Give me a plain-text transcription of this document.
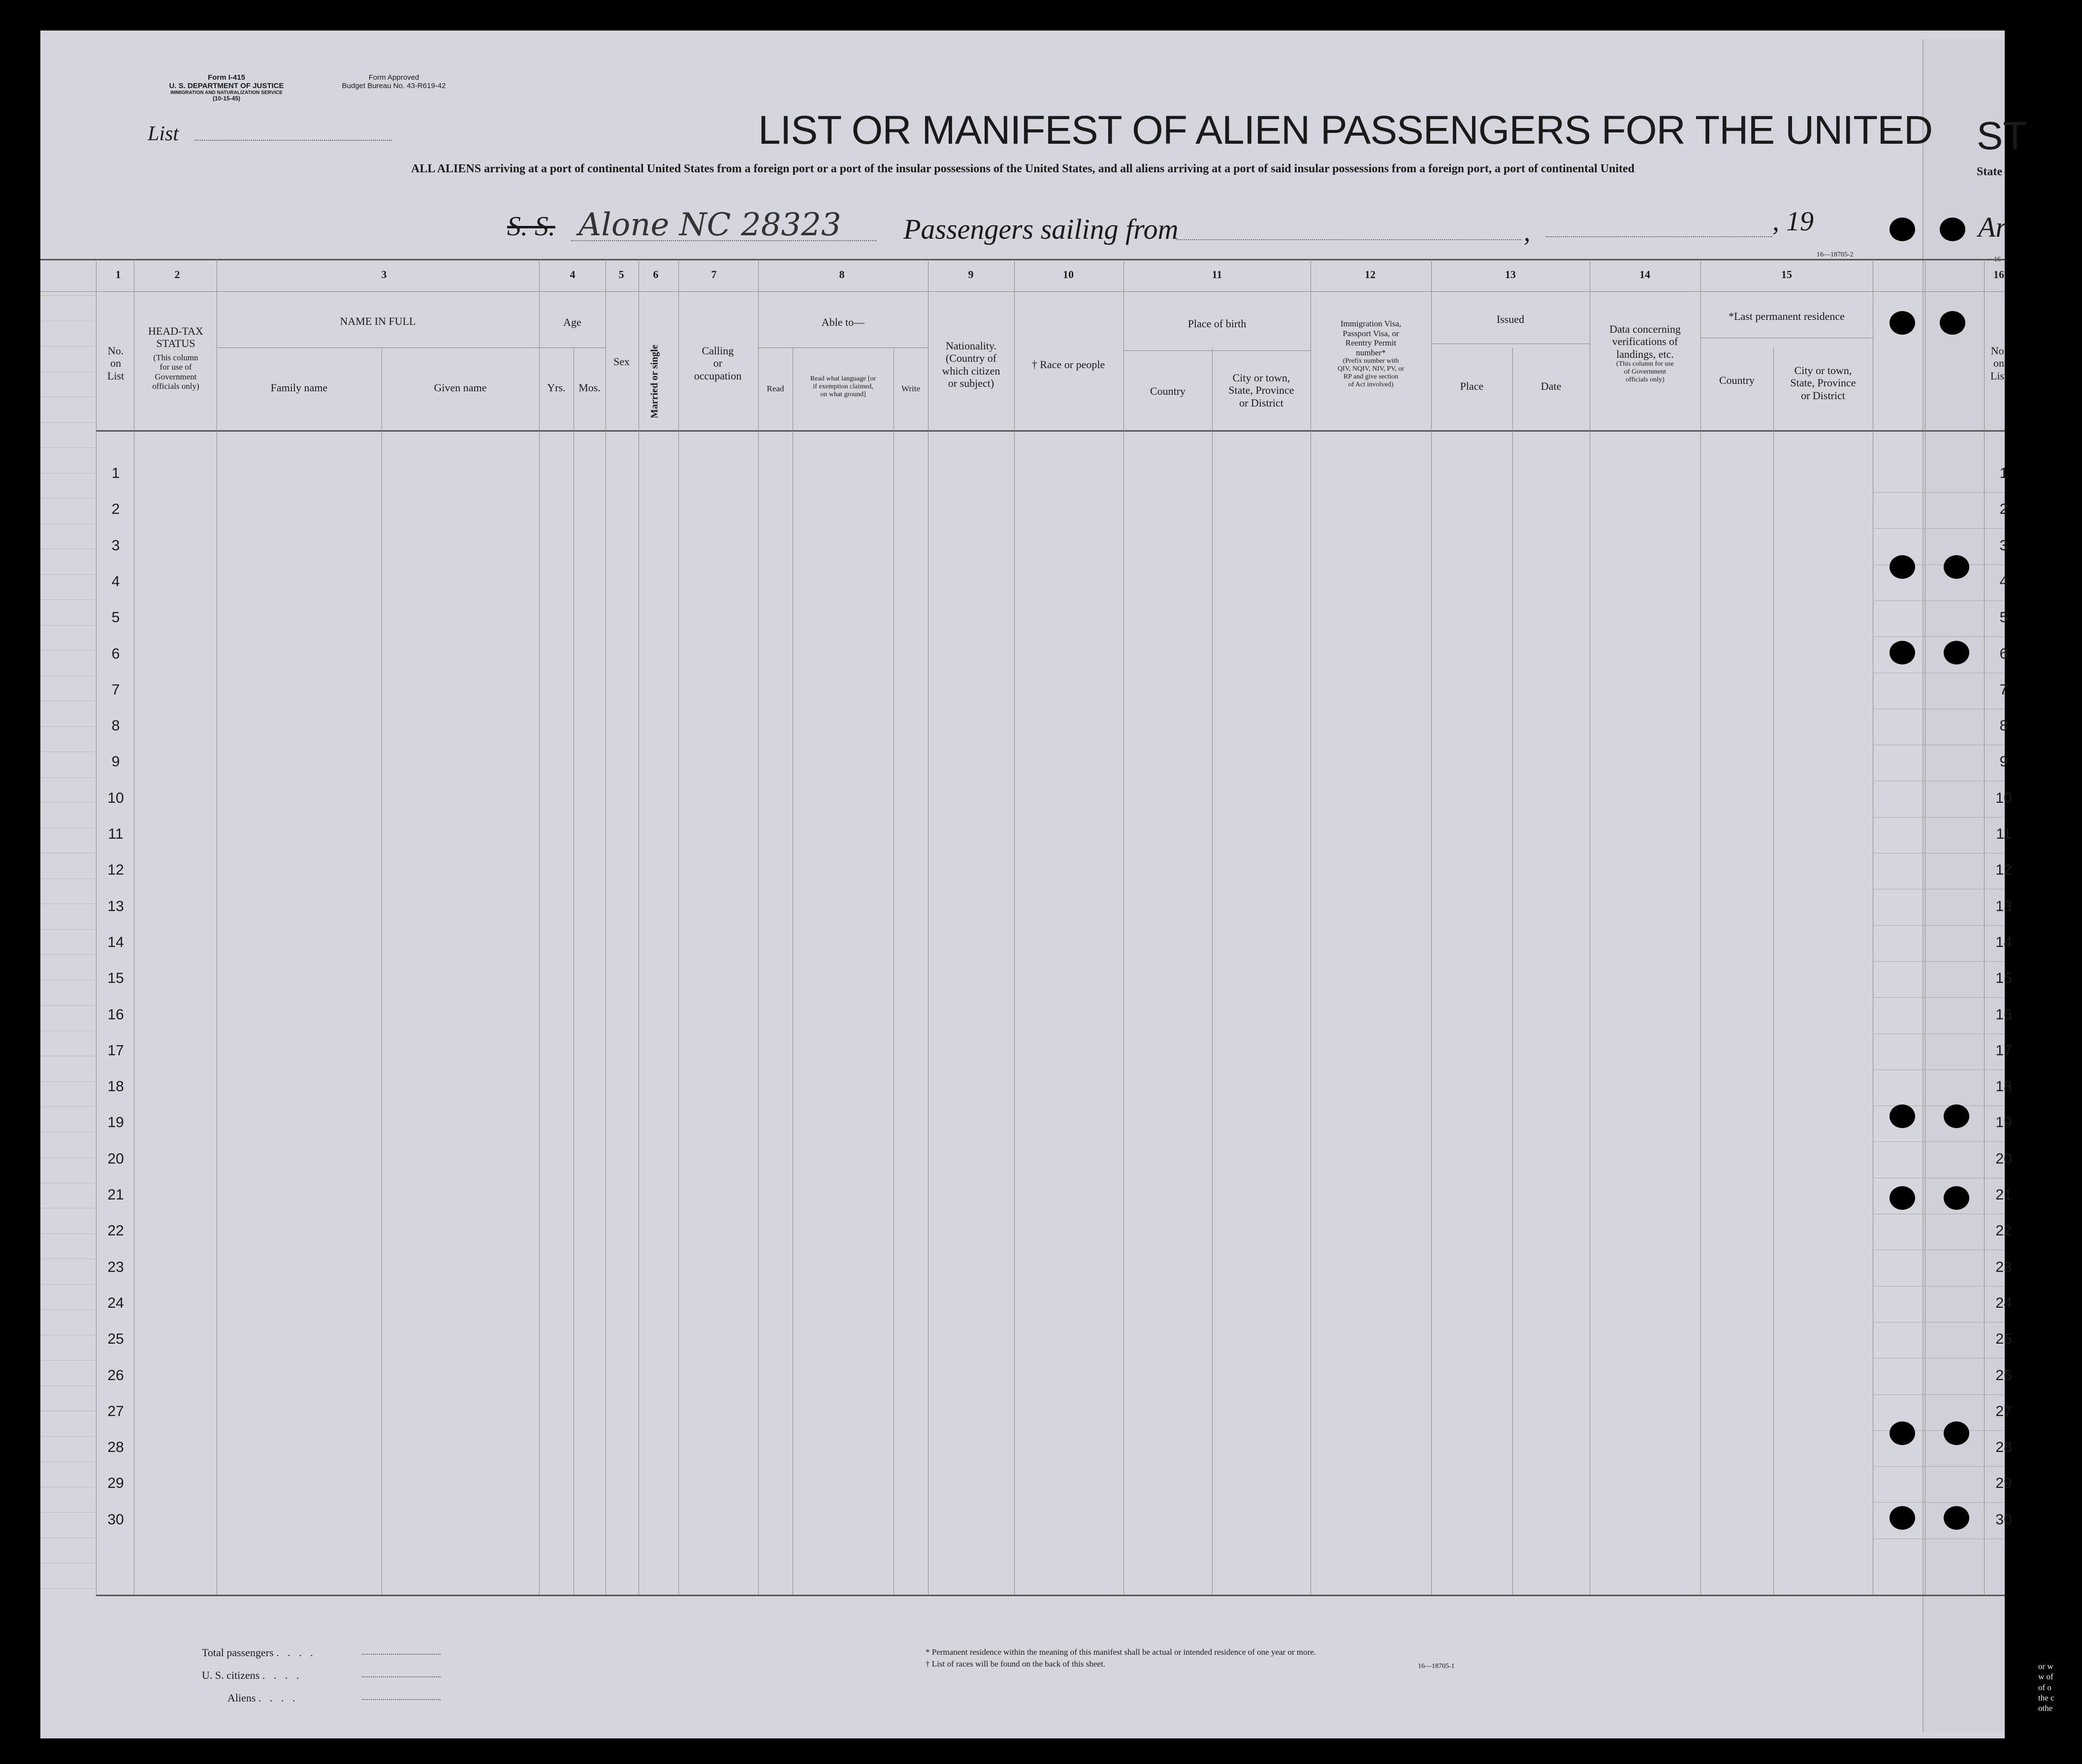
Form I-415
U. S. DEPARTMENT OF JUSTICE
IMMIGRATION AND NATURALIZATION SERVICE
(10-15-45)
Form Approved
Budget Bureau No. 43-R619-42
List	LIST OR MANIFEST OF ALIEN PASSENGERS FOR THE UNITED ST
ALL ALIENS arriving at a port of continental United States from a foreign port or a port of the insular possessions of the United States, and all aliens arriving at a port of said insular possessions from a foreign port, a port of continental United	State
S. S. Alone NC 28323 Passengers sailing from	,	, 19	Ar
16—18705-2
16—
1	2	3	4	5	6	7	8	9	10	11	12	13	14	15	16
No.
on
List
HEAD-TAX
STATUS
(This column
for use of
Government
officials only)
NAME IN FULL
Family name	Given name
Age
Yrs.	Mos.
Sex	Married or single	Calling
or
occupation
Able to—
Read
Read what language [or
if exemption claimed,
on what ground]
Write
Nationality.
(Country of
which citizen
or subject)
† Race or people
Place of birth
Country
City or town,
State, Province
or District
Immigration Visa,
Passport Visa, or
Reentry Permit
number*
(Prefix number with
QIV, NQIV, NIV, PV, or
RP and give section
of Act involved)
Issued
Place	Date
Data concerning
verifications of
landings, etc.
(This column for use
of Government
officials only)
*Last permanent residence
Country
City or town,
State, Province
or District
No.
on
List
1	1
2	2
3	3
4	4
5	5
6	6
7	7
8	8
9	9
10	10
11	11
12	12
13	13
14	14
15	15
16	16
17	17
18	18
19	19
20	20
21	21
22	22
23	23
24	24
25	25
26	26
27	27
28	28
29	29
30	30
Total passengers . . . .
U. S. citizens . . . .
Aliens . . . .
* Permanent residence within the meaning of this manifest shall be actual or intended residence of one year or more.
† List of races will be found on the back of this sheet.	16—18705-1	or w
w of
of o
the c
othe
